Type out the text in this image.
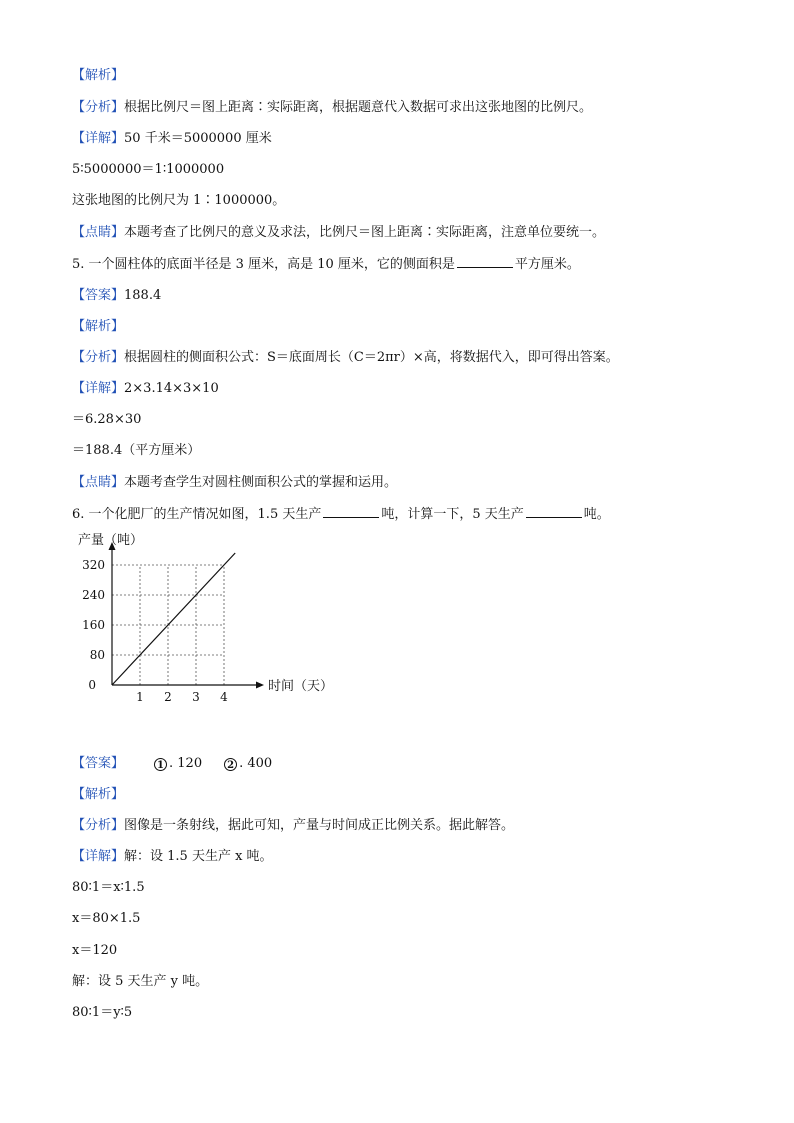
【解析】
【分析】根据比例尺＝图上距离∶实际距离，根据题意代入数据可求出这张地图的比例尺。
【详解】50 千米＝5000000 厘米
5∶5000000＝1∶1000000
这张地图的比例尺为 1∶1000000。
【点睛】本题考查了比例尺的意义及求法，比例尺＝图上距离∶实际距离，注意单位要统一。
5. 一个圆柱体的底面半径是 3 厘米，高是 10 厘米，它的侧面积是	平方厘米。
【答案】188.4
【解析】
【分析】根据圆柱的侧面积公式：S＝底面周长（C＝2πr）×高，将数据代入，即可得出答案。
【详解】2×3.14×3×10
＝6.28×30
＝188.4（平方厘米）
【点睛】本题考查学生对圆柱侧面积公式的掌握和运用。
6. 一个化肥厂的生产情况如图，1.5 天生产	吨，计算一下，5 天生产	吨。
1 2 3 4
80
160
240
320
0	时间（天）
产量（吨）
【答案】	1 . 120	2 . 400
【解析】
【分析】图像是一条射线，据此可知，产量与时间成正比例关系。据此解答。
【详解】解：设 1.5 天生产 x 吨。
80∶1＝x∶1.5
x＝80×1.5
x＝120
解：设 5 天生产 y 吨。
80∶1＝y∶5
